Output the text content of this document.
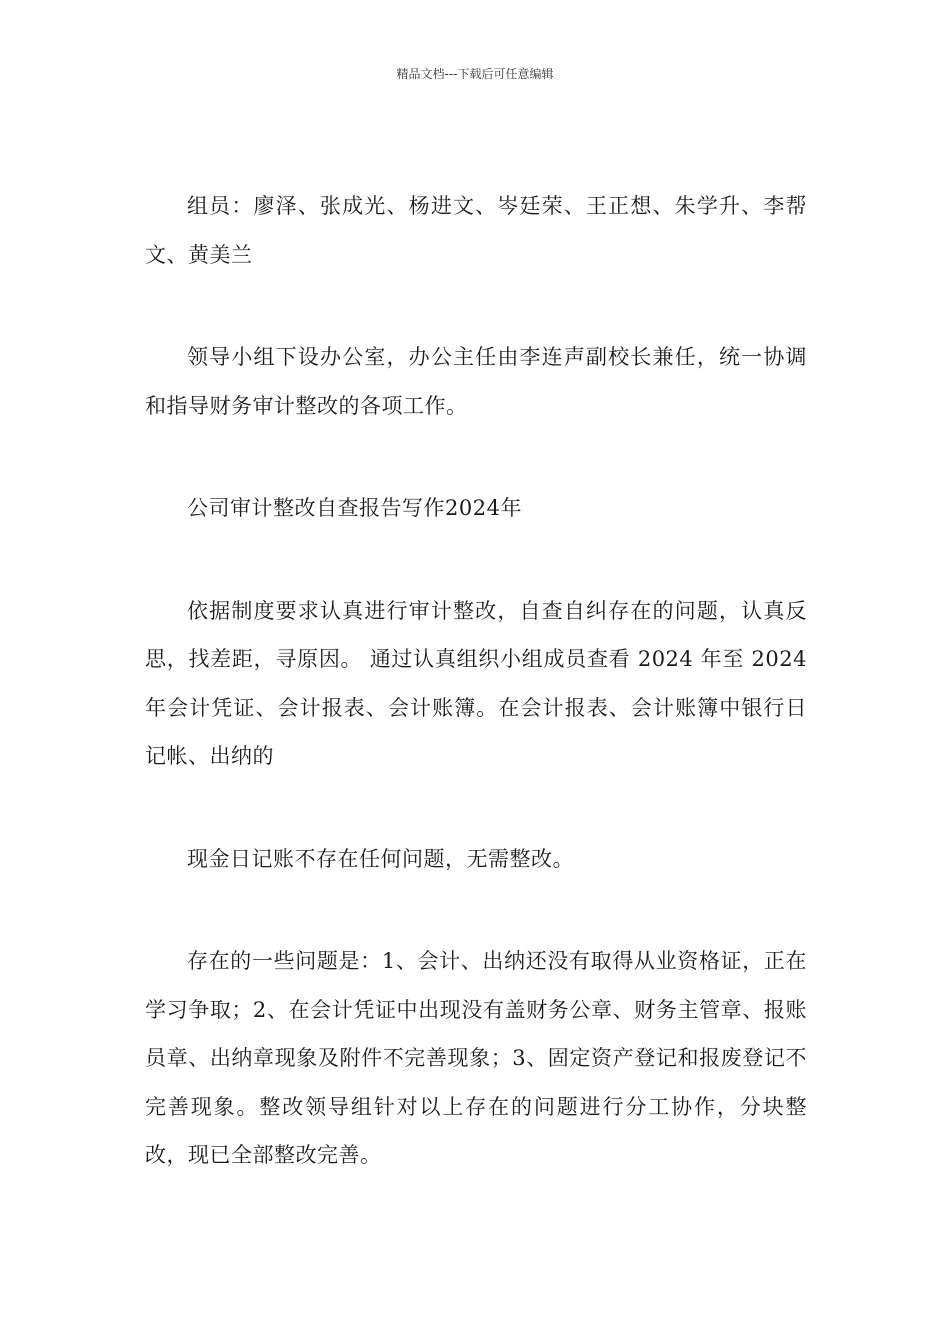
精品文档---下载后可任意编辑

组员：廖泽、张成光、杨进文、岑廷荣、王正想、朱学升、李帮文、黄美兰

领导小组下设办公室，办公主任由李连声副校长兼任，统一协调和指导财务审计整改的各项工作。

公司审计整改自查报告写作2024年

依据制度要求认真进行审计整改，自查自纠存在的问题，认真反思，找差距，寻原因。 通过认真组织小组成员查看 2024 年至 2024 年会计凭证、会计报表、会计账簿。在会计报表、会计账簿中银行日记帐、出纳的

现金日记账不存在任何问题，无需整改。

存在的一些问题是：1、会计、出纳还没有取得从业资格证，正在学习争取；2、在会计凭证中出现没有盖财务公章、财务主管章、报账员章、出纳章现象及附件不完善现象；3、固定资产登记和报废登记不完善现象。整改领导组针对以上存在的问题进行分工协作，分块整改，现已全部整改完善。
